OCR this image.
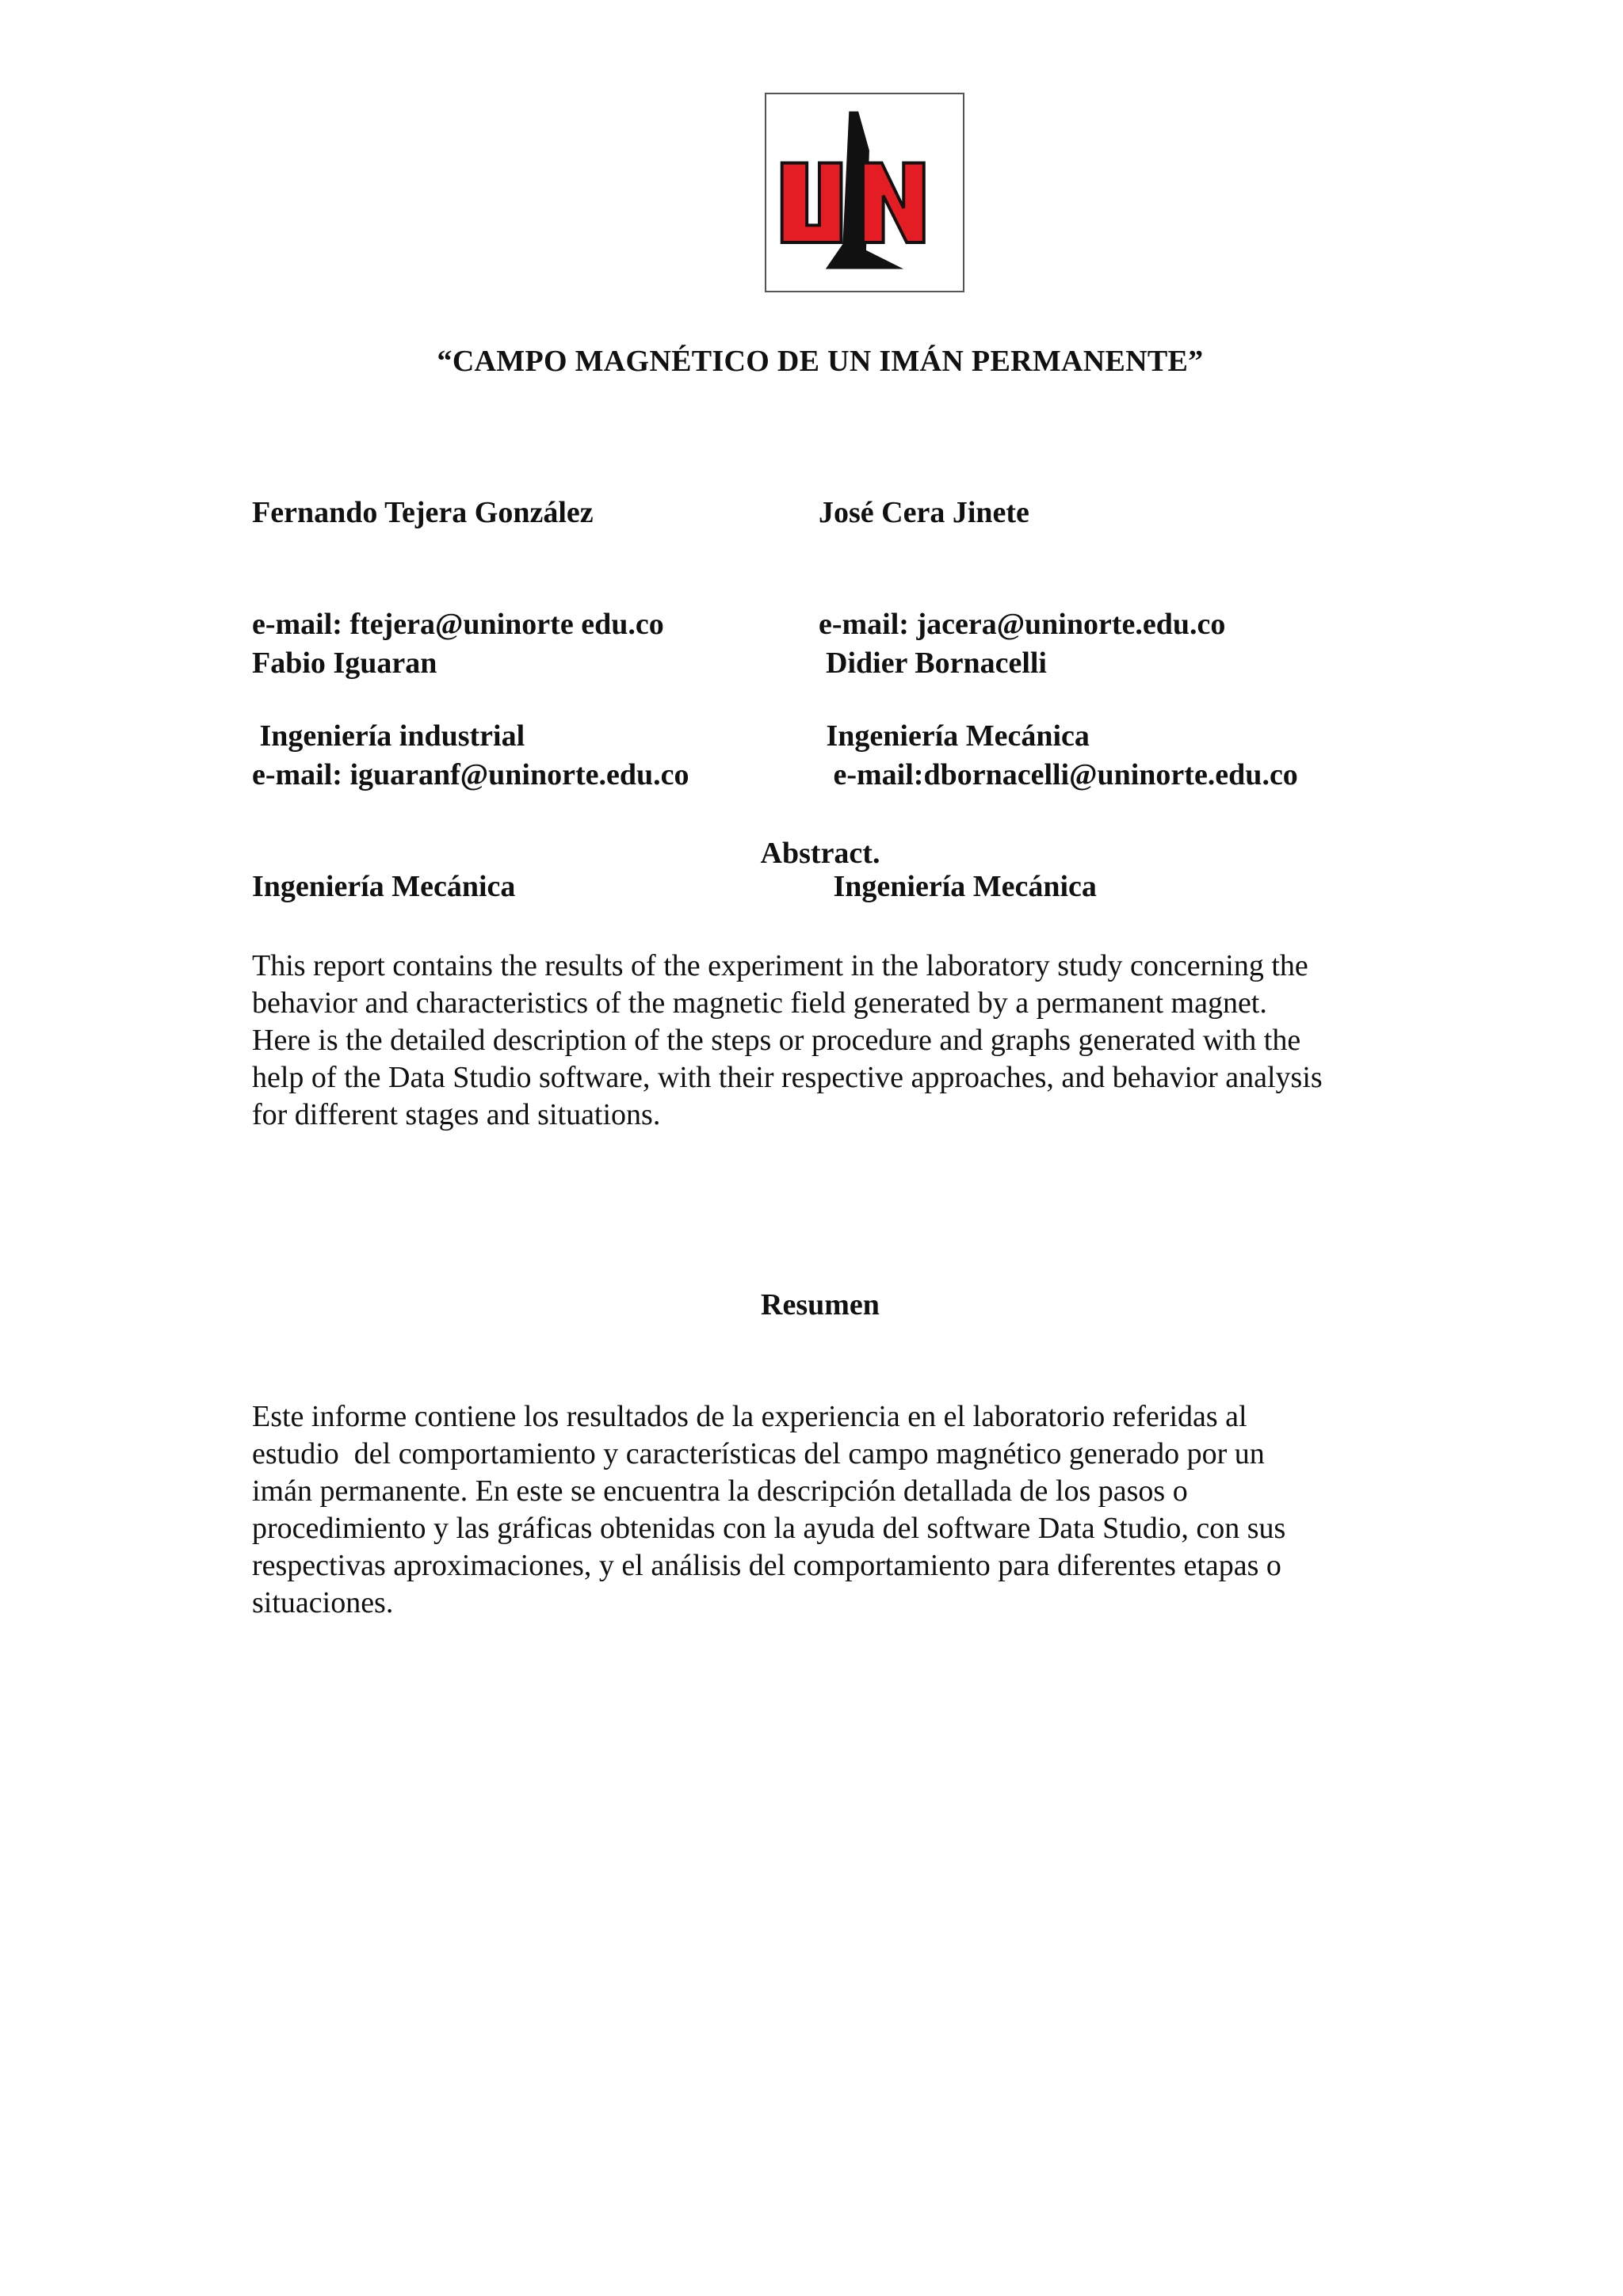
“CAMPO MAGNÉTICO DE UN IMÁN PERMANENTE”

Fernando Tejera González

e-mail: ftejera@uninorte edu.co

Ingeniería industrial

José Cera Jinete

e-mail: jacera@uninorte.edu.co

Ingeniería Mecánica

Fabio Iguaran

e-mail: iguaranf@uninorte.edu.co

Ingeniería Mecánica

Didier Bornacelli

e-mail:dbornacelli@uninorte.edu.co

Ingeniería Mecánica

Abstract.
This report contains the results of the experiment in the laboratory study concerning the
behavior and characteristics of the magnetic field generated by a permanent magnet.
Here is the detailed description of the steps or procedure and graphs generated with the
help of the Data Studio software, with their respective approaches, and behavior analysis
for different stages and situations.
Resumen
Este informe contiene los resultados de la experiencia en el laboratorio referidas al
estudio  del comportamiento y características del campo magnético generado por un
imán permanente. En este se encuentra la descripción detallada de los pasos o
procedimiento y las gráficas obtenidas con la ayuda del software Data Studio, con sus
respectivas aproximaciones, y el análisis del comportamiento para diferentes etapas o
situaciones.
